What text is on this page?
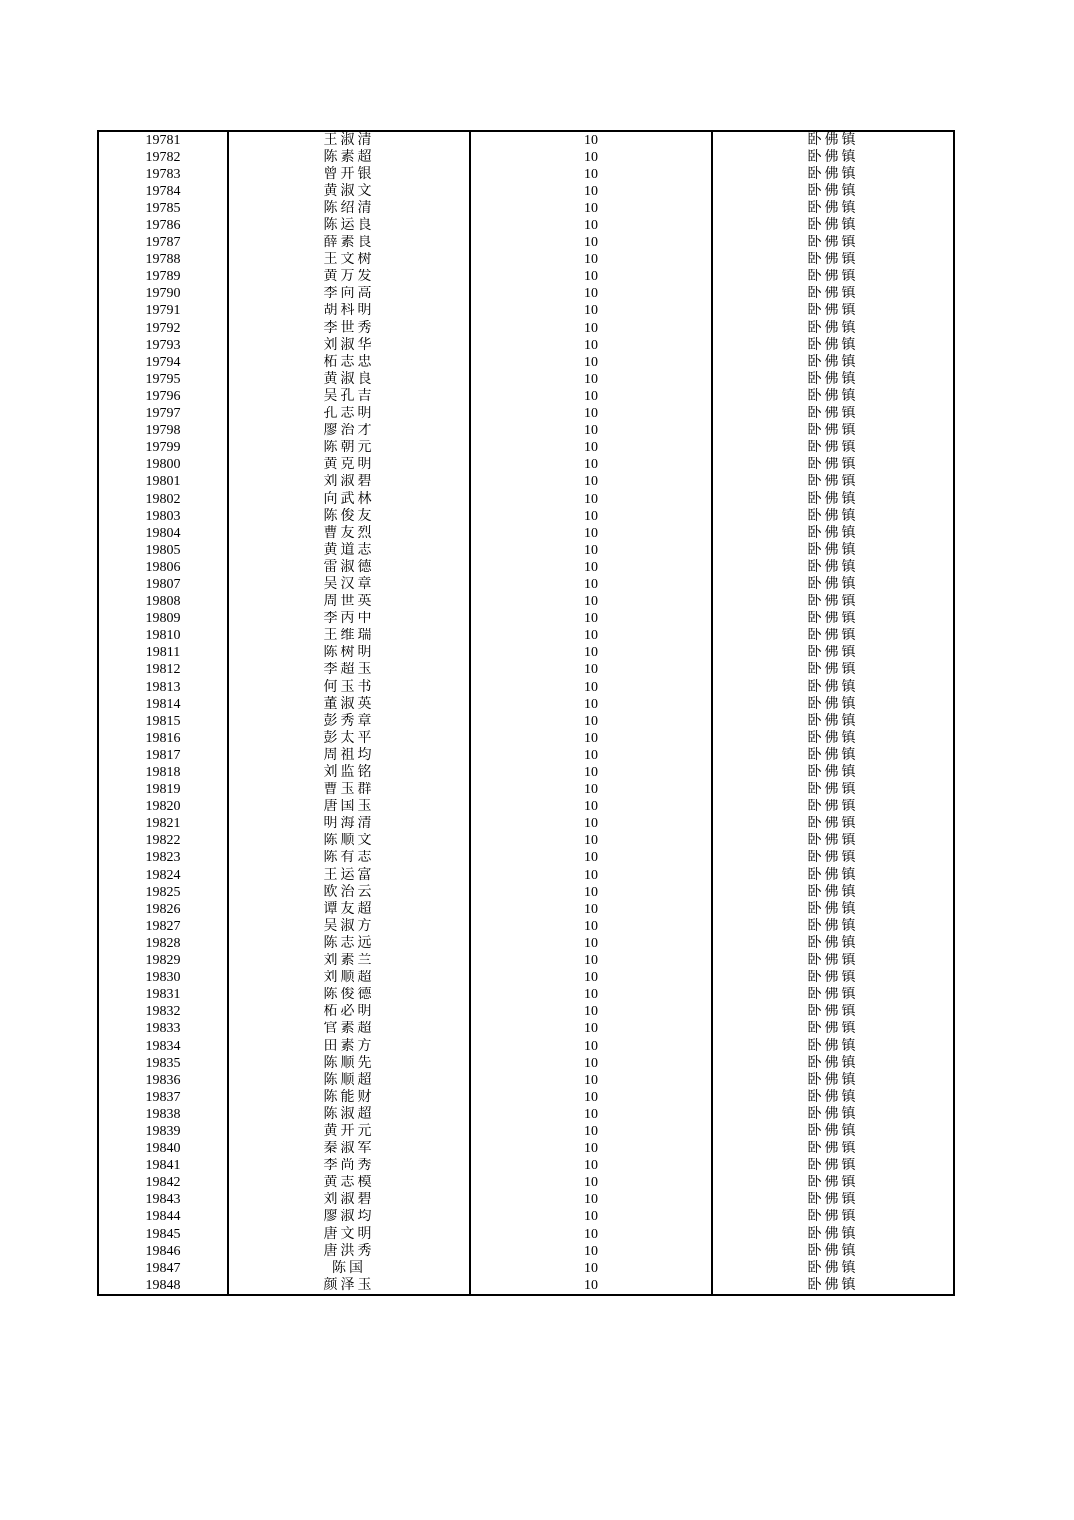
19781	王淑清	10	卧佛镇
19782	陈素超	10	卧佛镇
19783	曾开银	10	卧佛镇
19784	黄淑文	10	卧佛镇
19785	陈绍清	10	卧佛镇
19786	陈运良	10	卧佛镇
19787	薛素良	10	卧佛镇
19788	王文树	10	卧佛镇
19789	黄万发	10	卧佛镇
19790	李向高	10	卧佛镇
19791	胡科明	10	卧佛镇
19792	李世秀	10	卧佛镇
19793	刘淑华	10	卧佛镇
19794	柘志忠	10	卧佛镇
19795	黄淑良	10	卧佛镇
19796	吴孔吉	10	卧佛镇
19797	孔志明	10	卧佛镇
19798	廖治才	10	卧佛镇
19799	陈朝元	10	卧佛镇
19800	黄克明	10	卧佛镇
19801	刘淑碧	10	卧佛镇
19802	向武林	10	卧佛镇
19803	陈俊友	10	卧佛镇
19804	曹友烈	10	卧佛镇
19805	黄道志	10	卧佛镇
19806	雷淑德	10	卧佛镇
19807	吴汉章	10	卧佛镇
19808	周世英	10	卧佛镇
19809	李丙中	10	卧佛镇
19810	王维瑞	10	卧佛镇
19811	陈树明	10	卧佛镇
19812	李超玉	10	卧佛镇
19813	何玉书	10	卧佛镇
19814	董淑英	10	卧佛镇
19815	彭秀章	10	卧佛镇
19816	彭太平	10	卧佛镇
19817	周祖均	10	卧佛镇
19818	刘监铭	10	卧佛镇
19819	曹玉群	10	卧佛镇
19820	唐国玉	10	卧佛镇
19821	明海清	10	卧佛镇
19822	陈顺文	10	卧佛镇
19823	陈有志	10	卧佛镇
19824	王运富	10	卧佛镇
19825	欧治云	10	卧佛镇
19826	谭友超	10	卧佛镇
19827	吴淑方	10	卧佛镇
19828	陈志远	10	卧佛镇
19829	刘素兰	10	卧佛镇
19830	刘顺超	10	卧佛镇
19831	陈俊德	10	卧佛镇
19832	柘必明	10	卧佛镇
19833	官素超	10	卧佛镇
19834	田素方	10	卧佛镇
19835	陈顺先	10	卧佛镇
19836	陈顺超	10	卧佛镇
19837	陈能财	10	卧佛镇
19838	陈淑超	10	卧佛镇
19839	黄开元	10	卧佛镇
19840	秦淑军	10	卧佛镇
19841	李尚秀	10	卧佛镇
19842	黄志模	10	卧佛镇
19843	刘淑碧	10	卧佛镇
19844	廖淑均	10	卧佛镇
19845	唐文明	10	卧佛镇
19846	唐洪秀	10	卧佛镇
19847	陈国	10	卧佛镇
19848	颜泽玉	10	卧佛镇
